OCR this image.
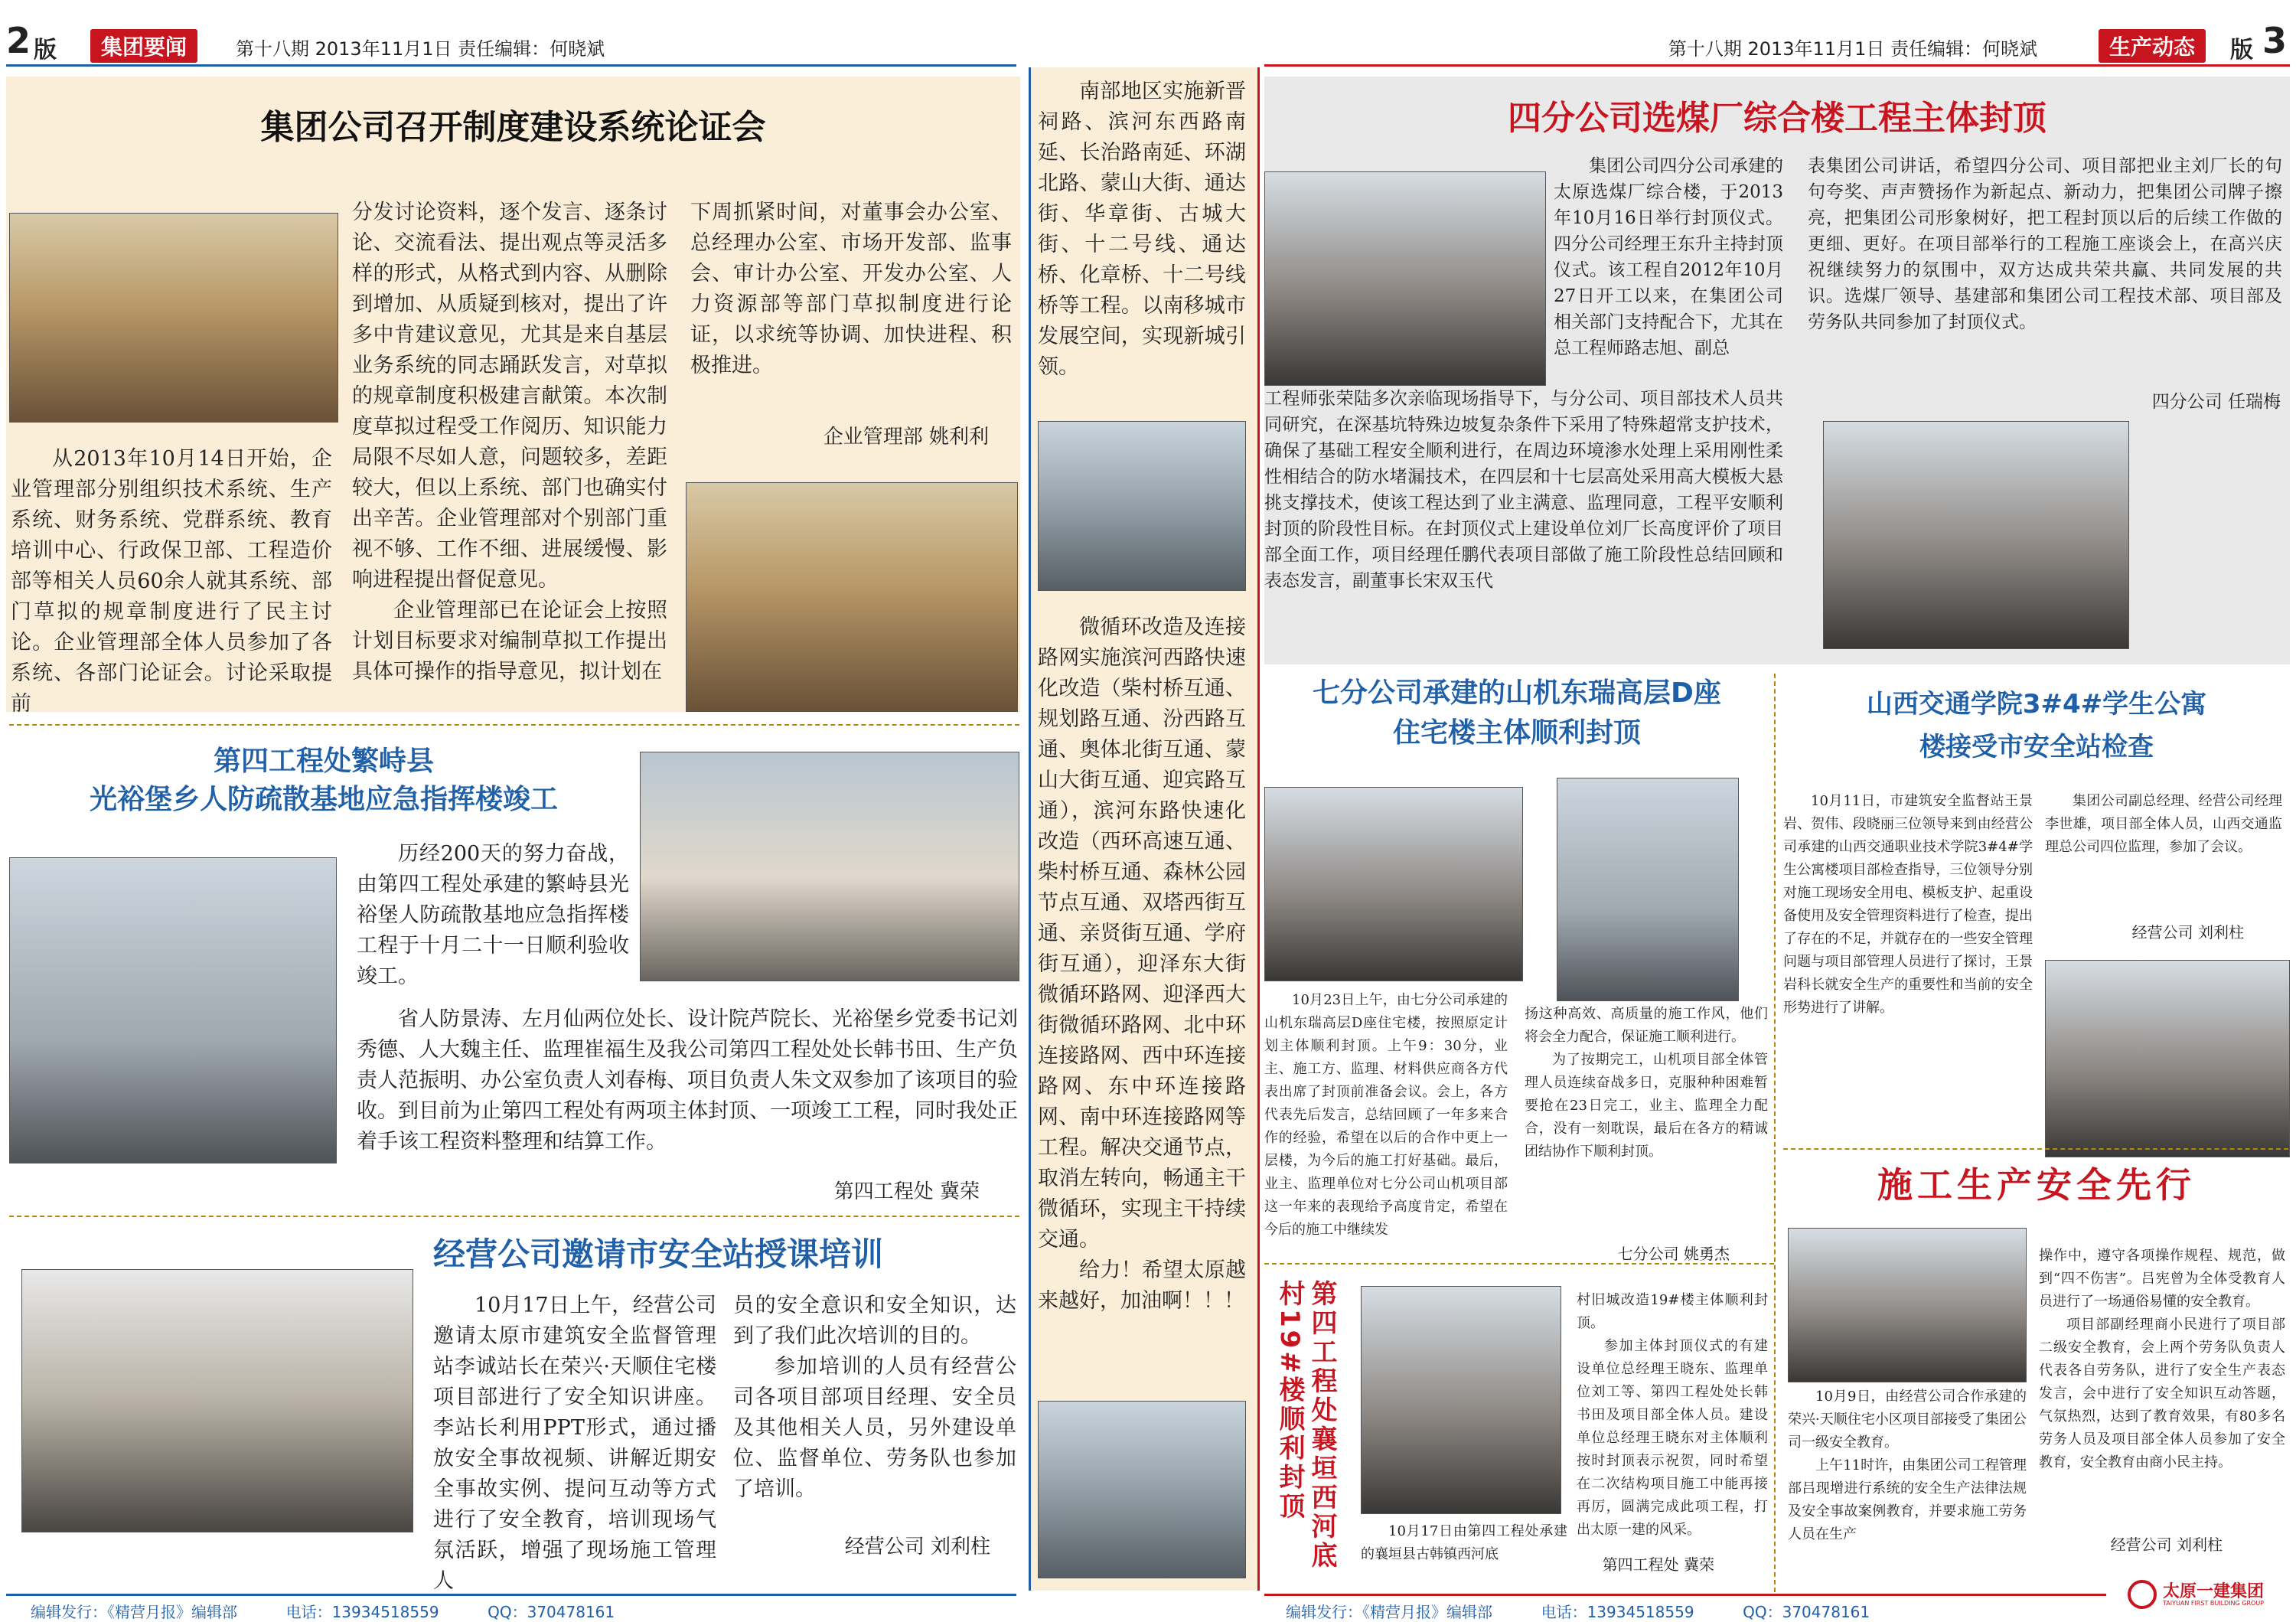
2 版	集团要闻	第十八期 2013年11月1日 责任编辑：何晓斌	第十八期 2013年11月1日 责任编辑：何晓斌	生产动态	版 3
集团公司召开制度建设系统论证会

从2013年10月14日开始，企业管理部分别组织技术系统、生产系统、财务系统、党群系统、教育培训中心、行政保卫部、工程造价部等相关人员60余人就其系统、部门草拟的规章制度进行了民主讨论。企业管理部全体人员参加了各系统、各部门论证会。讨论采取提前

分发讨论资料，逐个发言、逐条讨论、交流看法、提出观点等灵活多样的形式，从格式到内容、从删除到增加、从质疑到核对，提出了许多中肯建议意见，尤其是来自基层业务系统的同志踊跃发言，对草拟的规章制度积极建言献策。本次制度草拟过程受工作阅历、知识能力局限不尽如人意，问题较多，差距较大，但以上系统、部门也确实付出辛苦。企业管理部对个别部门重视不够、工作不细、进展缓慢、影响进程提出督促意见。

企业管理部已在论证会上按照计划目标要求对编制草拟工作提出具体可操作的指导意见，拟计划在

下周抓紧时间，对董事会办公室、总经理办公室、市场开发部、监事会、审计办公室、开发办公室、人力资源部等部门草拟制度进行论证，以求统等协调、加快进程、积极推进。

企业管理部 姚利利
第四工程处繁峙县
光裕堡乡人防疏散基地应急指挥楼竣工

历经200天的努力奋战，由第四工程处承建的繁峙县光裕堡人防疏散基地应急指挥楼工程于十月二十一日顺利验收竣工。

省人防景涛、左月仙两位处长、设计院芦院长、光裕堡乡党委书记刘秀德、人大魏主任、监理崔福生及我公司第四工程处处长韩书田、生产负责人范振明、办公室负责人刘春梅、项目负责人朱文双参加了该项目的验收。到目前为止第四工程处有两项主体封顶、一项竣工工程，同时我处正着手该工程资料整理和结算工作。

第四工程处 冀荣
经营公司邀请市安全站授课培训

10月17日上午，经营公司邀请太原市建筑安全监督管理站李诚站长在荣兴·天顺住宅楼项目部进行了安全知识讲座。李站长利用PPT形式，通过播放安全事故视频、讲解近期安全事故实例、提问互动等方式进行了安全教育，培训现场气氛活跃，增强了现场施工管理人

员的安全意识和安全知识，达到了我们此次培训的目的。

参加培训的人员有经营公司各项目部项目经理、安全员及其他相关人员，另外建设单位、监督单位、劳务队也参加了培训。

经营公司 刘利柱

南部地区实施新晋祠路、滨河东西路南延、长治路南延、环湖北路、蒙山大街、通达街、华章街、古城大街、十二号线、通达桥、化章桥、十二号线桥等工程。以南移城市发展空间，实现新城引领。

微循环改造及连接路网实施滨河西路快速化改造（柴村桥互通、规划路互通、汾西路互通、奥体北街互通、蒙山大街互通、迎宾路互通），滨河东路快速化改造（西环高速互通、柴村桥互通、森林公园节点互通、双塔西街互通、亲贤街互通、学府街互通），迎泽东大街微循环路网、迎泽西大街微循环路网、北中环连接路网、西中环连接路网、东中环连接路网、南中环连接路网等工程。解决交通节点，取消左转向，畅通主干微循环，实现主干持续交通。

给力！希望太原越来越好，加油啊！！！

四分公司选煤厂综合楼工程主体封顶

集团公司四分公司承建的太原选煤厂综合楼，于2013年10月16日举行封顶仪式。四分公司经理王东升主持封顶仪式。该工程自2012年10月27日开工以来，在集团公司相关部门支持配合下，尤其在总工程师路志旭、副总

工程师张荣陆多次亲临现场指导下，与分公司、项目部技术人员共同研究，在深基坑特殊边坡复杂条件下采用了特殊超常支护技术，确保了基础工程安全顺利进行，在周边环境渗水处理上采用刚性柔性相结合的防水堵漏技术，在四层和十七层高处采用高大模板大悬挑支撑技术，使该工程达到了业主满意、监理同意，工程平安顺利封顶的阶段性目标。在封顶仪式上建设单位刘厂长高度评价了项目部全面工作，项目经理任鹏代表项目部做了施工阶段性总结回顾和表态发言，副董事长宋双玉代

表集团公司讲话，希望四分公司、项目部把业主刘厂长的句句夸奖、声声赞扬作为新起点、新动力，把集团公司牌子擦亮，把集团公司形象树好，把工程封顶以后的后续工作做的更细、更好。在项目部举行的工程施工座谈会上，在高兴庆祝继续努力的氛围中，双方达成共荣共赢、共同发展的共识。选煤厂领导、基建部和集团公司工程技术部、项目部及劳务队共同参加了封顶仪式。

四分公司 任瑞梅
七分公司承建的山机东瑞高层D座
住宅楼主体顺利封顶

10月23日上午，由七分公司承建的山机东瑞高层D座住宅楼，按照原定计划主体顺利封顶。上午9：30分，业主、施工方、监理、材料供应商各方代表出席了封顶前准备会议。会上，各方代表先后发言，总结回顾了一年多来合作的经验，希望在以后的合作中更上一层楼，为今后的施工打好基础。最后，业主、监理单位对七分公司山机项目部这一年来的表现给予高度肯定，希望在今后的施工中继续发

扬这种高效、高质量的施工作风，他们将会全力配合，保证施工顺利进行。

为了按期完工，山机项目部全体管理人员连续奋战多日，克服种种困难暂要抢在23日完工，业主、监理全力配合，没有一刻耽误，最后在各方的精诚团结协作下顺利封顶。

七分公司 姚勇杰
山西交通学院3#4#学生公寓
楼接受市安全站检查

10月11日，市建筑安全监督站王景岩、贺伟、段晓丽三位领导来到由经营公司承建的山西交通职业技术学院3#4#学生公寓楼项目部检查指导，三位领导分别对施工现场安全用电、模板支护、起重设备使用及安全管理资料进行了检查，提出了存在的不足，并就存在的一些安全管理问题与项目部管理人员进行了探讨，王景岩科长就安全生产的重要性和当前的安全形势进行了讲解。

集团公司副总经理、经营公司经理李世雄，项目部全体人员，山西交通监理总公司四位监理，参加了会议。

经营公司 刘利柱
第四工程处襄垣西河底村19#楼顺利封顶
10月17日由第四工程处承建的襄垣县古韩镇西河底

村旧城改造19#楼主体顺利封顶。

参加主体封顶仪式的有建设单位总经理王晓东、监理单位刘工等、第四工程处处长韩书田及项目部全体人员。建设单位总经理王晓东对主体顺利按时封顶表示祝贺，同时希望在二次结构项目施工中能再接再厉，圆满完成此项工程，打出太原一建的风采。

第四工程处 冀荣
施工生产安全先行

10月9日，由经营公司合作承建的荣兴·天顺住宅小区项目部接受了集团公司一级安全教育。

上午11时许，由集团公司工程管理部吕现增进行系统的安全生产法律法规及安全事故案例教育，并要求施工劳务人员在生产

操作中，遵守各项操作规程、规范，做到“四不伤害”。吕宪曾为全体受教育人员进行了一场通俗易懂的安全教育。

项目部副经理商小民进行了项目部二级安全教育，会上两个劳务队负责人代表各自劳务队，进行了安全生产表态发言，会中进行了安全知识互动答题，气氛热烈，达到了教育效果，有80多名劳务人员及项目部全体人员参加了安全教育，安全教育由商小民主持。

经营公司 刘利柱
编辑发行：《精营月报》编辑部          电话：13934518559          QQ：370478161	编辑发行：《精营月报》编辑部          电话：13934518559          QQ：370478161
太原一建集团
TAIYUAN FIRST BUILDING GROUP
